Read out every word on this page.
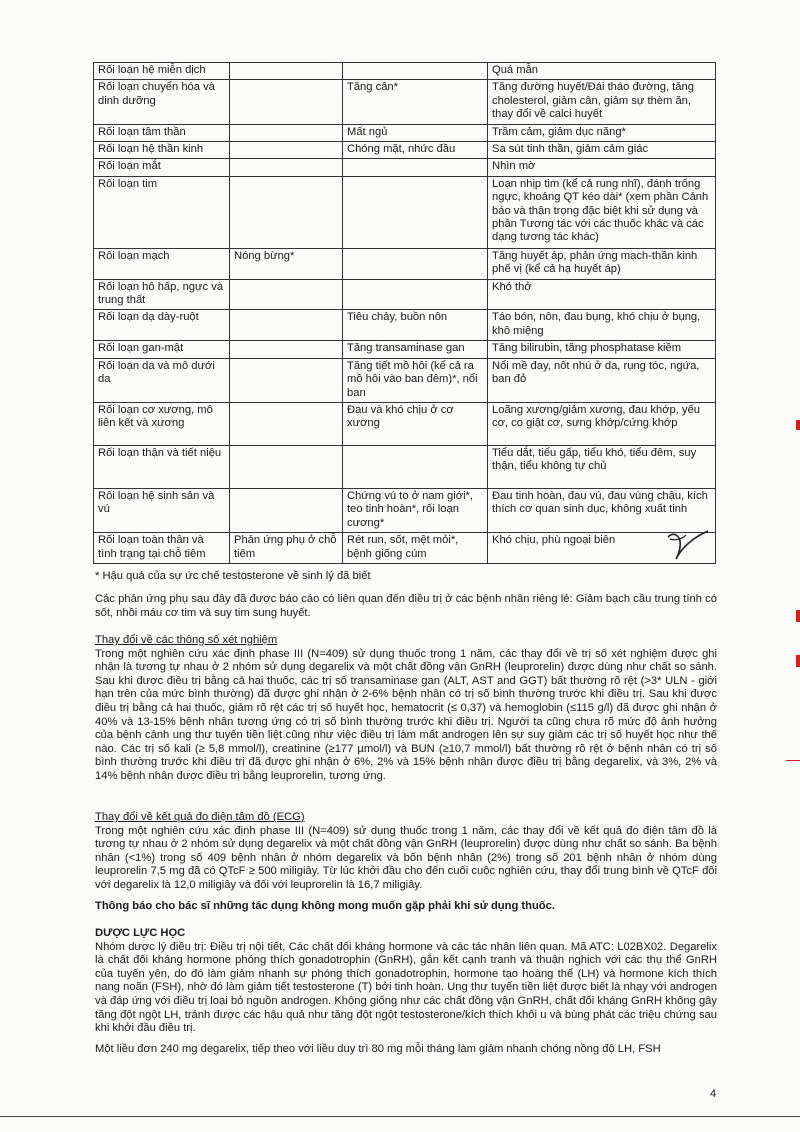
Rối loạn hệ miễn dịch			Quá mẫn
Rối loạn chuyển hóa và dinh dưỡng		Tăng cân*	Tăng đường huyết/Đái tháo đường, tăng cholesterol, giảm cân, giảm sự thèm ăn, thay đổi về calci huyết
Rối loạn tâm thần		Mất ngủ	Trầm cảm, giảm dục năng*
Rối loạn hệ thần kinh		Chóng mặt, nhức đầu	Sa sút tinh thần, giảm cảm giác
Rối loạn mắt			Nhìn mờ
Rối loạn tim			Loạn nhịp tim (kể cả rung nhĩ), đánh trống ngực, khoảng QT kéo dài* (xem phần Cảnh báo và thận trọng đặc biệt khi sử dụng và phần Tương tác với các thuốc khác và các dạng tương tác khác)
Rối loạn mạch	Nóng bừng*		Tăng huyết áp, phản ứng mạch-thần kinh phế vị (kể cả hạ huyết áp)
Rối loạn hô hấp, ngực và trung thất			Khó thở
Rối loạn dạ dày-ruột		Tiêu chảy, buồn nôn	Táo bón, nôn, đau bụng, khó chịu ở bụng, khô miệng
Rối loạn gan-mật		Tăng transaminase gan	Tăng bilirubin, tăng phosphatase kiềm
Rối loạn da và mô dưới da		Tăng tiết mồ hôi (kể cả ra mồ hôi vào ban đêm)*, nổi ban	Nổi mề đay, nốt nhú ở da, rụng tóc, ngứa, ban đỏ
Rối loạn cơ xương, mô liên kết và xương		Đau và khó chịu ở cơ xương	Loãng xương/giảm xương, đau khớp, yếu cơ, co giật cơ, sưng khớp/cứng khớp
Rối loạn thận và tiết niệu			Tiểu dắt, tiểu gấp, tiểu khó, tiểu đêm, suy thận, tiểu không tự chủ
Rối loạn hệ sinh sản và vú		Chứng vú to ở nam giới*, teo tinh hoàn*, rối loạn cương*	Đau tinh hoàn, đau vú, đau vùng chậu, kích thích cơ quan sinh dục, không xuất tinh
Rối loạn toàn thân và tình trạng tại chỗ tiêm	Phản ứng phụ ở chỗ tiêm	Rét run, sốt, mệt mỏi*, bệnh giống cúm	Khó chịu, phù ngoại biên
* Hậu quả của sự ức chế testosterone về sinh lý đã biết

Các phản ứng phụ sau đây đã được báo cáo có liên quan đến điều trị ở các bệnh nhân riêng lẻ: Giảm bạch cầu trung tính có sốt, nhồi máu cơ tim và suy tim sung huyết.

Thay đổi về các thông số xét nghiệm

Trong một nghiên cứu xác định phase III (N=409) sử dụng thuốc trong 1 năm, các thay đổi về trị số xét nghiệm được ghi nhận là tương tự nhau ở 2 nhóm sử dụng degarelix và một chất đồng vận GnRH (leuprorelin) được dùng như chất so sánh. Sau khi được điều trị bằng cả hai thuốc, các trị số transaminase gan (ALT, AST and GGT) bất thường rõ rệt (>3* ULN - giới hạn trên của mức bình thường) đã được ghi nhận ở 2-6% bệnh nhân có trị số bình thường trước khi điều trị. Sau khi được điều trị bằng cả hai thuốc, giảm rõ rệt các trị số huyết học, hematocrit (≤ 0,37) và hemoglobin (≤115 g/l) đã được ghi nhận ở 40% và 13-15% bệnh nhân tương ứng có trị số bình thường trước khi điều trị. Người ta cũng chưa rõ mức độ ảnh hưởng của bệnh cảnh ung thư tuyến tiền liệt cũng như việc điều trị làm mất androgen lên sự suy giảm các trị số huyết học như thế nào. Các trị số kali (≥ 5,8 mmol/l), creatinine (≥177 µmol/l) và BUN (≥10,7 mmol/l) bất thường rõ rệt ở bệnh nhân có trị số bình thường trước khi điều trị đã được ghi nhận ở 6%, 2% và 15% bệnh nhân được điều trị bằng degarelix, và 3%, 2% và 14% bệnh nhân được điều trị bằng leuprorelin, tương ứng.

Thay đổi về kết quả đo điện tâm đồ (ECG)

Trong một nghiên cứu xác định phase III (N=409) sử dụng thuốc trong 1 năm, các thay đổi về kết quả đo điện tâm đồ là tương tự nhau ở 2 nhóm sử dụng degarelix và một chất đồng vận GnRH (leuprorelin) được dùng như chất so sánh. Ba bệnh nhân (<1%) trong số 409 bệnh nhân ở nhóm degarelix và bốn bệnh nhân (2%) trong số 201 bệnh nhân ở nhóm dùng leuprorelin 7,5 mg đã có QTcF ≥ 500 miligiây. Từ lúc khởi đầu cho đến cuối cuộc nghiên cứu, thay đổi trung bình về QTcF đối với degarelix là 12,0 miligiây và đối với leuprorelin là 16,7 miligiây.

Thông báo cho bác sĩ những tác dụng không mong muốn gặp phải khi sử dụng thuốc.

DƯỢC LỰC HỌC

Nhóm dược lý điều trị: Điều trị nội tiết, Các chất đối kháng hormone và các tác nhân liên quan. Mã ATC: L02BX02. Degarelix là chất đối kháng hormone phóng thích gonadotrophin (GnRH), gắn kết cạnh tranh và thuận nghịch với các thụ thể GnRH của tuyến yên, do đó làm giảm nhanh sự phóng thích gonadotrophin, hormone tạo hoàng thể (LH) và hormone kích thích nang noãn (FSH), nhờ đó làm giảm tiết testosterone (T) bởi tinh hoàn. Ung thư tuyến tiền liệt được biết là nhạy với androgen và đáp ứng với điều trị loại bỏ nguồn androgen. Không giống như các chất đồng vận GnRH, chất đối kháng GnRH không gây tăng đột ngột LH, tránh được các hậu quả như tăng đột ngột testosterone/kích thích khối u và bùng phát các triệu chứng sau khi khởi đầu điều trị.

Một liều đơn 240 mg degarelix, tiếp theo với liều duy trì 80 mg mỗi tháng làm giảm nhanh chóng nồng độ LH, FSH

4
